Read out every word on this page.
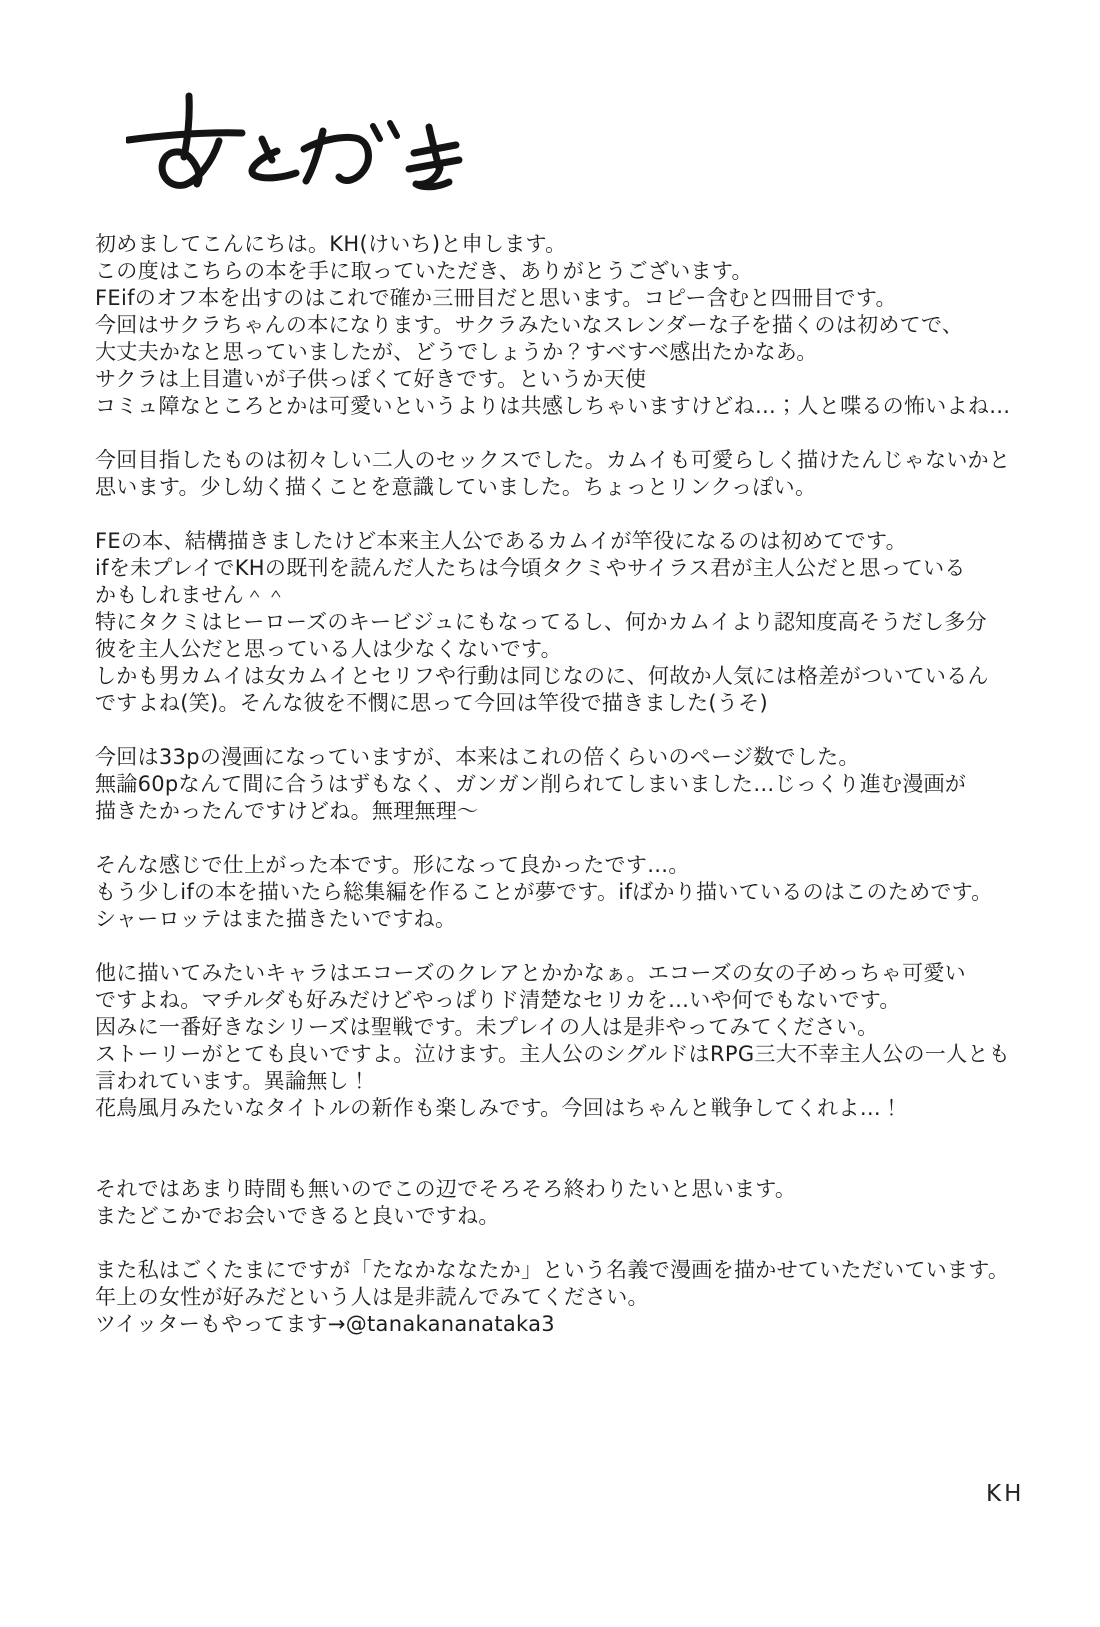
初めましてこんにちは。KH(けいち)と申します。
この度はこちらの本を手に取っていただき、ありがとうございます。
FEifのオフ本を出すのはこれで確か三冊目だと思います。コピー含むと四冊目です。
今回はサクラちゃんの本になります。サクラみたいなスレンダーな子を描くのは初めてで、
大丈夫かなと思っていましたが、どうでしょうか？すべすべ感出たかなあ。
サクラは上目遣いが子供っぽくて好きです。というか天使
コミュ障なところとかは可愛いというよりは共感しちゃいますけどね…；人と喋るの怖いよね…
今回目指したものは初々しい二人のセックスでした。カムイも可愛らしく描けたんじゃないかと
思います。少し幼く描くことを意識していました。ちょっとリンクっぽい。
FEの本、結構描きましたけど本来主人公であるカムイが竿役になるのは初めてです。
ifを未プレイでKHの既刊を読んだ人たちは今頃タクミやサイラス君が主人公だと思っている
かもしれません＾＾
特にタクミはヒーローズのキービジュにもなってるし、何かカムイより認知度高そうだし多分
彼を主人公だと思っている人は少なくないです。
しかも男カムイは女カムイとセリフや行動は同じなのに、何故か人気には格差がついているん
ですよね(笑)。そんな彼を不憫に思って今回は竿役で描きました(うそ)
今回は33pの漫画になっていますが、本来はこれの倍くらいのページ数でした。
無論60pなんて間に合うはずもなく、ガンガン削られてしまいました…じっくり進む漫画が
描きたかったんですけどね。無理無理～
そんな感じで仕上がった本です。形になって良かったです…。
もう少しifの本を描いたら総集編を作ることが夢です。ifばかり描いているのはこのためです。
シャーロッテはまた描きたいですね。
他に描いてみたいキャラはエコーズのクレアとかかなぁ。エコーズの女の子めっちゃ可愛い
ですよね。マチルダも好みだけどやっぱりド清楚なセリカを…いや何でもないです。
因みに一番好きなシリーズは聖戦です。未プレイの人は是非やってみてください。
ストーリーがとても良いですよ。泣けます。主人公のシグルドはRPG三大不幸主人公の一人とも
言われています。異論無し！
花鳥風月みたいなタイトルの新作も楽しみです。今回はちゃんと戦争してくれよ…！
それではあまり時間も無いのでこの辺でそろそろ終わりたいと思います。
またどこかでお会いできると良いですね。
また私はごくたまにですが「たなかななたか」という名義で漫画を描かせていただいています。
年上の女性が好みだという人は是非読んでみてください。
ツイッターもやってます→@tanakananataka3
KH
